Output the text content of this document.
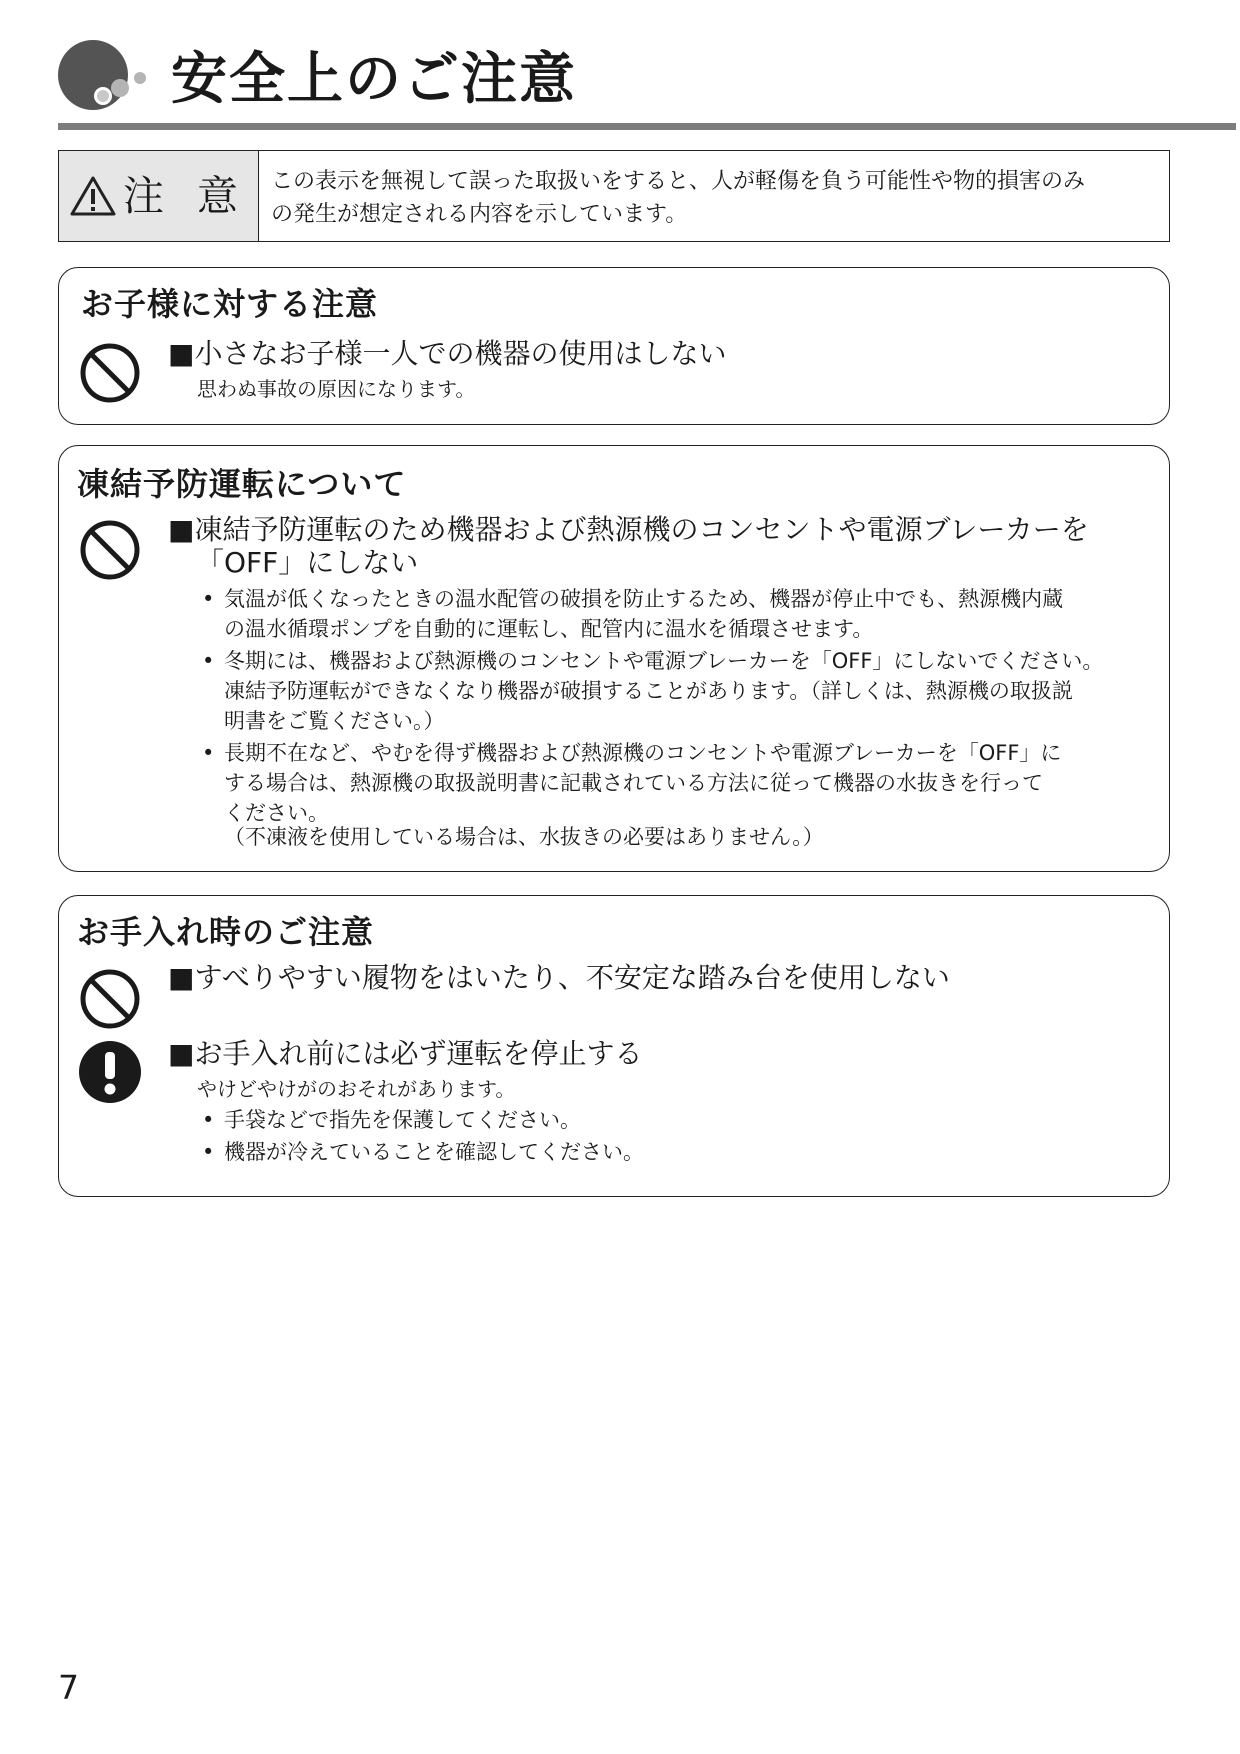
安全上のご注意
注 意 この表示を無視して誤った取扱いをすると、人が軽傷を負う可能性や物的損害のみ
の発生が想定される内容を示しています。
お子様に対する注意
■小さなお子様一人での機器の使用はしない
思わぬ事故の原因になります。
凍結予防運転について
■凍結予防運転のため機器および熱源機のコンセントや電源ブレーカーを
「OFF」にしない
• 気温が低くなったときの温水配管の破損を防止するため、機器が停止中でも、熱源機内蔵
の温水循環ポンプを自動的に運転し、配管内に温水を循環させます。
• 冬期には、機器および熱源機のコンセントや電源ブレーカーを「OFF」にしないでください。
凍結予防運転ができなくなり機器が破損することがあります。（詳しくは、熱源機の取扱説
明書をご覧ください。）
• 長期不在など、やむを得ず機器および熱源機のコンセントや電源ブレーカーを「OFF」に
する場合は、熱源機の取扱説明書に記載されている方法に従って機器の水抜きを行って
ください。
（不凍液を使用している場合は、水抜きの必要はありません。）
お手入れ時のご注意
■すべりやすい履物をはいたり、不安定な踏み台を使用しない
■お手入れ前には必ず運転を停止する
やけどやけがのおそれがあります。
• 手袋などで指先を保護してください。
• 機器が冷えていることを確認してください。
7
